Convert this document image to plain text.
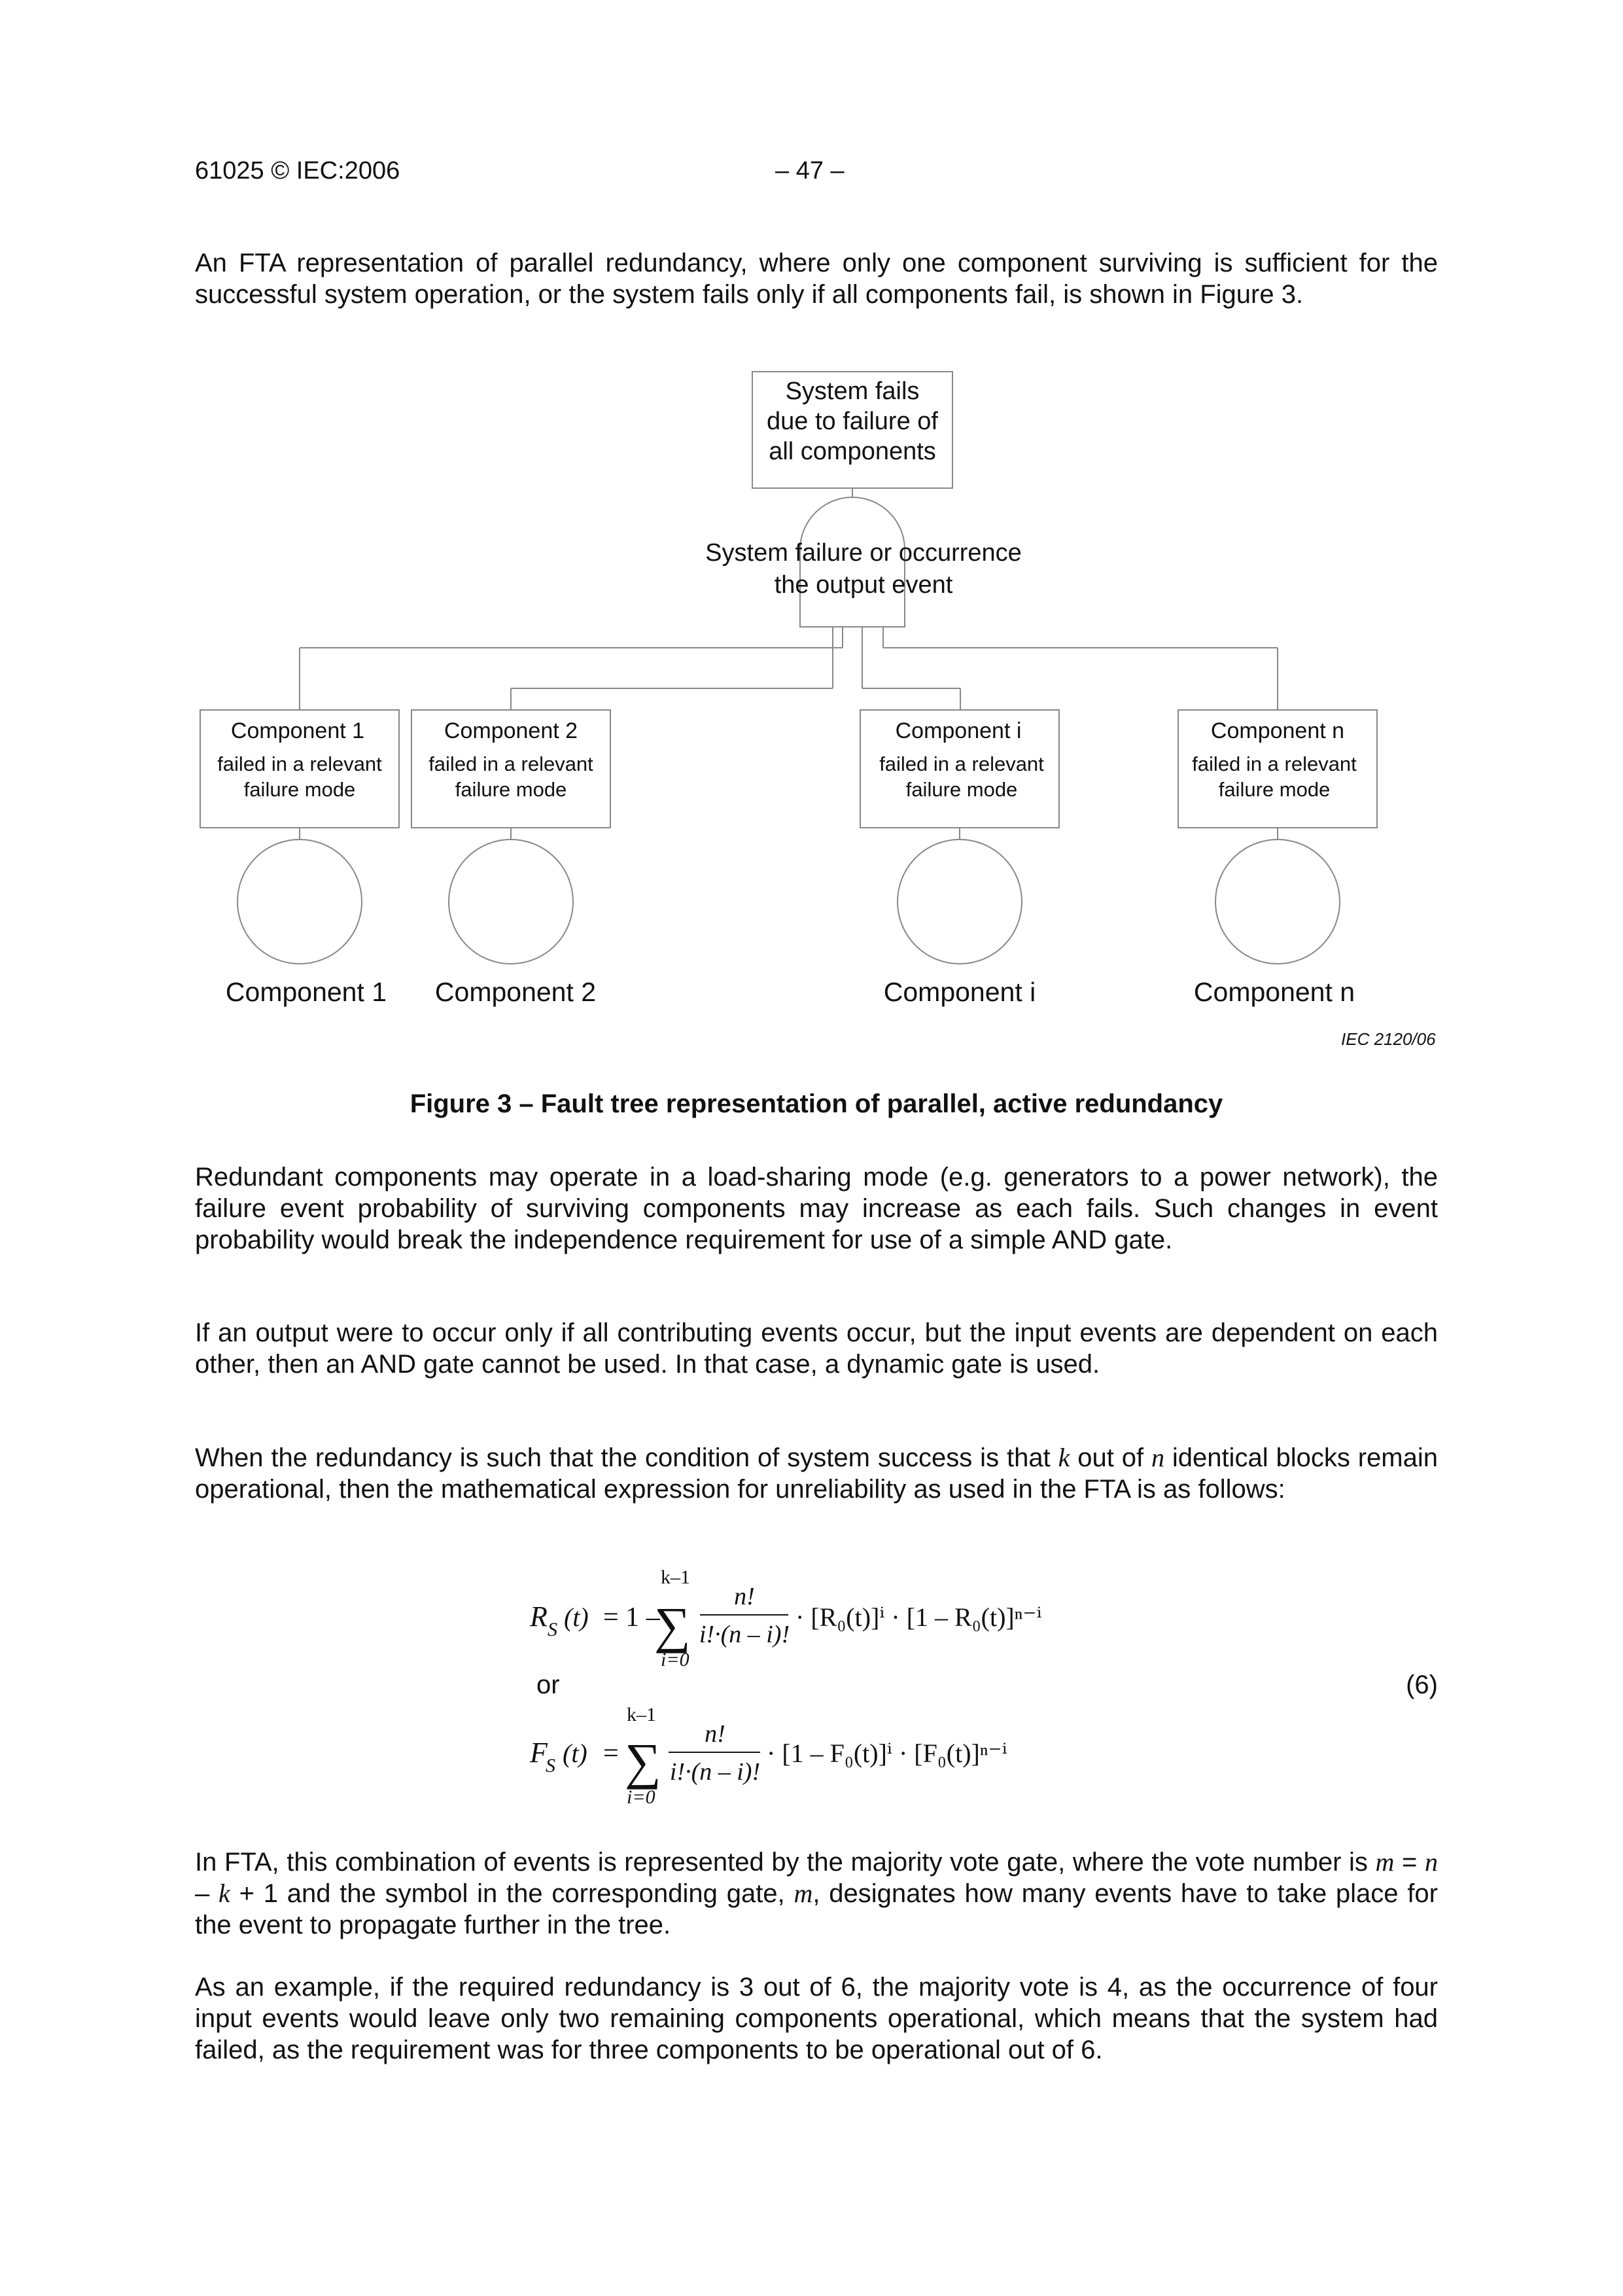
61025 © IEC:2006	– 47 –

An FTA representation of parallel redundancy, where only one component surviving is sufficient for the successful system operation, or the system fails only if all components fail, is shown in Figure 3.

System fails
due to failure of
all components
System failure or occurrence
the output event
Component 1
failed in a relevant
failure mode
Component 2
failed in a relevant
failure mode
Component i
failed in a relevant
failure mode
Component n
failed in a relevant
failure mode
Component 1 Component 2	Component i	Component n
IEC 2120/06
Figure 3 – Fault tree representation of parallel, active redundancy

Redundant components may operate in a load-sharing mode (e.g. generators to a power network), the failure event probability of surviving components may increase as each fails. Such changes in event probability would break the independence requirement for use of a simple AND gate.

If an output were to occur only if all contributing events occur, but the input events are dependent on each other, then an AND gate cannot be used. In that case, a dynamic gate is used.

When the redundancy is such that the condition of system success is that k out of n identical blocks remain operational, then the mathematical expression for unreliability as used in the FTA is as follows:

R S (t) = 1 –
k–1
∑
i=0
n!
i!·(n – i)!
· [R₀(t)]ⁱ · [1 – R₀(t)]ⁿ⁻ⁱ
or	(6)
F
S (t) =
k–1
∑
i=0
n!
i!·(n – i)!
· [1 – F₀(t)]ⁱ · [F₀(t)]ⁿ⁻ⁱ

In FTA, this combination of events is represented by the majority vote gate, where the vote number is m = n – k + 1 and the symbol in the corresponding gate, m, designates how many events have to take place for the event to propagate further in the tree.

As an example, if the required redundancy is 3 out of 6, the majority vote is 4, as the occurrence of four input events would leave only two remaining components operational, which means that the system had failed, as the requirement was for three components to be operational out of 6.
